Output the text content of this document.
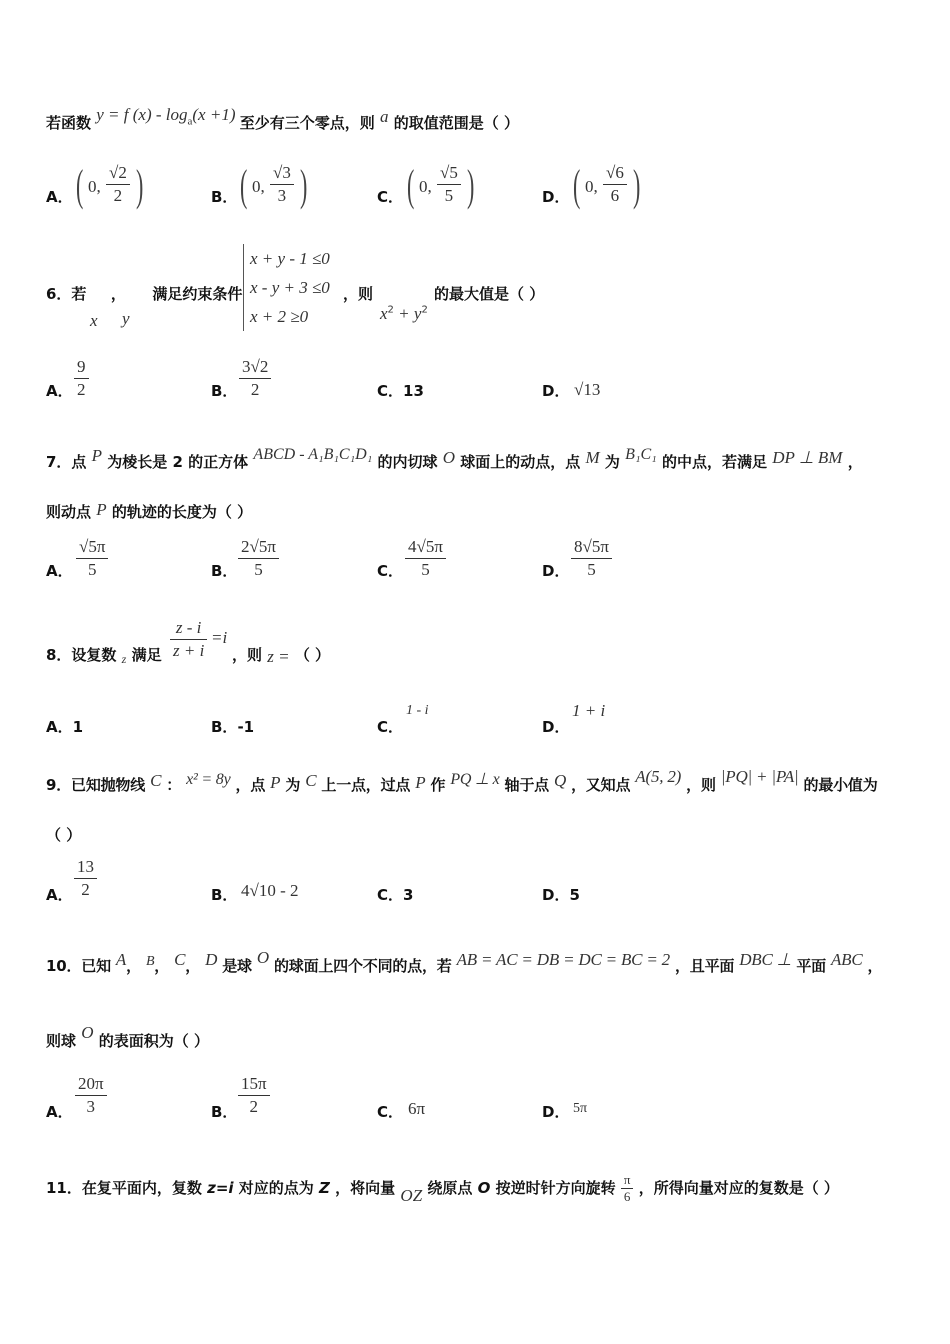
若函数 y = f $(x) - \log_a(x +1)$ 至少有三个零点，则 a 的取值范围是（ ）
A．	B．	C．	D．
( 0, $\frac{√2}{2}$ ) ( 0, $\frac{√3}{3}$ ) ( 0, $\frac{√5}{5}$ ) ( 0, $\frac{√6}{6}$ )
6．若 ， 满足约束条件
x y
x + y - 1 ≤0
x - y + 3 ≤0
x + 2 ≥0
，则	的最大值是（ ）
$x^2 + y^2$
A． $\frac{9}{2}$	B． $\frac{3√2}{2}$	C．13	D． √13
7．点 P 为棱长是 2 的正方体 ABCD - A₁B₁C₁D₁ 的内切球 O 球面上的动点，点 M 为 B₁C₁ 的中点，若满足 DP ⊥ BM ，
则动点 P 的轨迹的长度为（ ）
A． $\frac{√5\pi}{5}$	B． $\frac{2√5\pi}{5}$	C． $\frac{4√5\pi}{5}$	D． $\frac{8√5\pi}{5}$
8．设复数 $_z$ 满足 $\frac{z - i}{z + i} =i$
，则 z = （ ）
A．1	B．-1	C．
1 - i
D．
1 + i
9．已知抛物线 C ： x² = 8y ，点 P 为 C 上一点，过点 P 作 PQ ⊥ x 轴于点 Q ，又知点 A(5, 2) ，则 |PQ| + |PA| 的最小值为
（ ）
A． $\frac{13}{2}$	B． 4√10 - 2	C．3	D．5
10．已知 A， B， C， D 是球 O 的球面上四个不同的点，若 AB = AC = DB = DC = BC = 2 ，且平面 DBC ⊥ 平面 ABC ，
则球 O 的表面积为（ ）
A． $\frac{20\pi}{3}$	B． $\frac{15\pi}{2}$	C． 6π	D． 5π
11．在复平面内，复数 z=i 对应的点为 Z ，将向量 OZ 绕原点 O 按逆时针方向旋转 $\frac{\pi}{6}$ ，所得向量对应的复数是（ ）
